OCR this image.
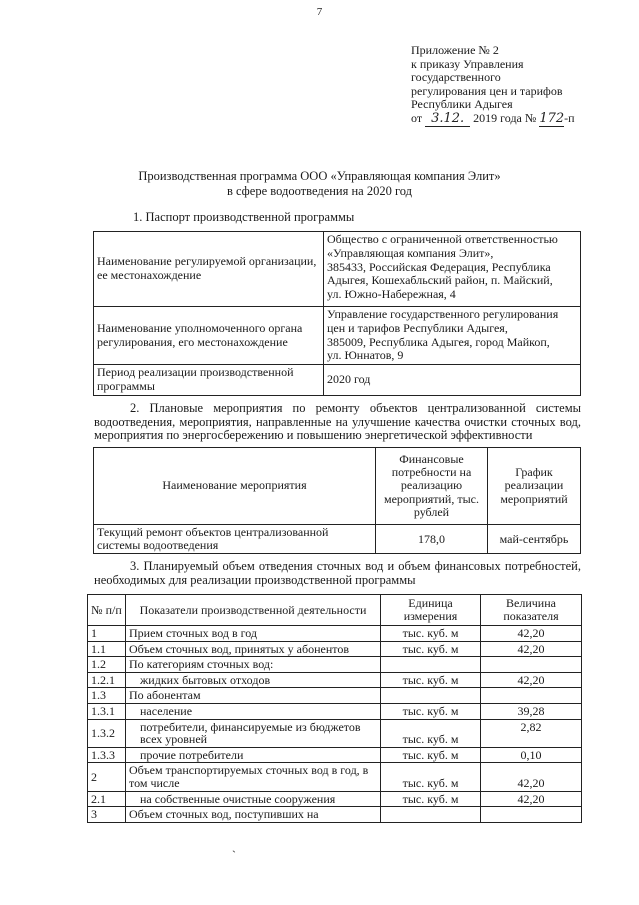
7
Приложение № 2
к приказу Управления
государственного
регулирования цен и тарифов
Республики Адыгея
от 3.12. 2019 года № 172-п
Производственная программа ООО «Управляющая компания Элит»
в сфере водоотведения на 2020 год
1. Паспорт производственной программы
Наименование регулируемой организации, ее местонахождение	Общество с ограниченной ответственностью
«Управляющая компания Элит»,
385433, Российская Федерация, Республика
Адыгея, Кошехабльский район, п. Майский,
ул. Южно-Набережная, 4

Наименование уполномоченного органа регулирования, его местонахождение	Управление государственного регулирования
цен и тарифов Республики Адыгея,
385009, Республика Адыгея, город Майкоп,
ул. Юннатов, 9

Период реализации производственной программы	2020 год
2. Плановые мероприятия по ремонту объектов централизованной системы водоотведения, мероприятия, направленные на улучшение качества очистки сточных вод, мероприятия по энергосбережению и повышению энергетической эффективности
Наименование мероприятия	Финансовые потребности на реализацию мероприятий, тыс. рублей	График реализации мероприятий
Текущий ремонт объектов централизованной системы водоотведения	178,0	май-сентябрь
3. Планируемый объем отведения сточных вод и объем финансовых потребностей, необходимых для реализации производственной программы
№ п/п	Показатели производственной деятельности	Единица измерения	Величина показателя
1	Прием сточных вод в год	тыс. куб. м	42,20
1.1	Объем сточных вод, принятых у абонентов	тыс. куб. м	42,20
1.2	По категориям сточных вод:		
1.2.1	жидких бытовых отходов	тыс. куб. м	42,20
1.3	По абонентам		
1.3.1	население	тыс. куб. м	39,28
1.3.2	потребители, финансируемые из бюджетов всех уровней	тыс. куб. м	2,82
1.3.3	прочие потребители	тыс. куб. м	0,10
2	Объем транспортируемых сточных вод в год, в том числе	тыс. куб. м	42,20
2.1	на собственные очистные сооружения	тыс. куб. м	42,20
3	Объем сточных вод, поступивших на		
`
